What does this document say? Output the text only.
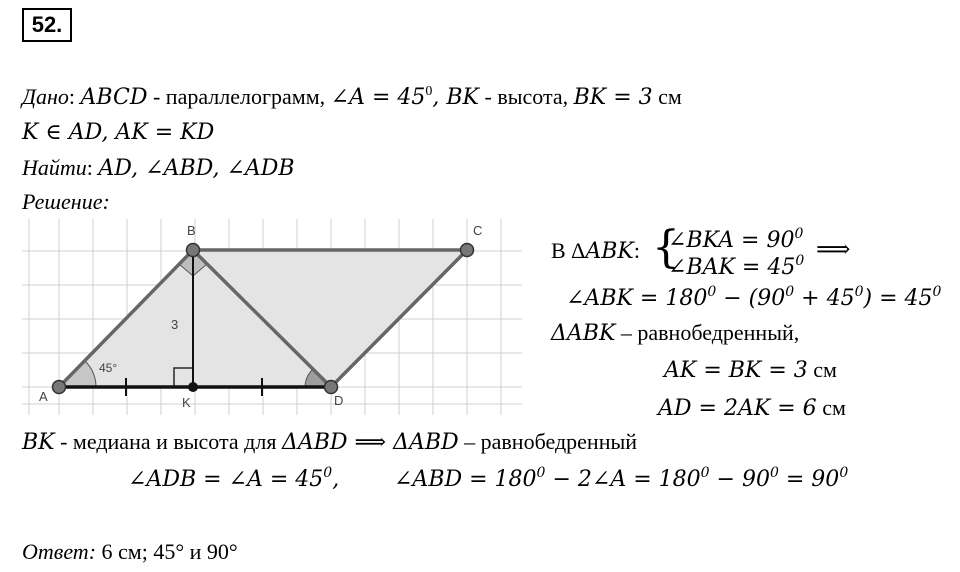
52.
Дано: ABCD - параллелограмм, ∠A = $45^0$, BK - высота, BK = 3 см
K ∈ AD, AK = KD
Найти: AD, ∠ABD, ∠ADB
Решение:
A
B	C
D
K
3
45°
В ΔABK: {
∠BKA = $90^0$
∠BAK = $45^0$ ⟹
∠ABK = $180^0 - (90^0 + 45^0) = 45^0$
ΔABK – равнобедренный,
AK = BK = 3 см
AD = 2AK = 6 см
BK - медиана и высота для ΔABD ⟹ ΔABD – равнобедренный
∠ADB = ∠A = $45^0$, ∠ABD = $180^0$ − 2∠A = $180^0 - 90^0 = 90^0$
Ответ: 6 см; 45° и 90°
